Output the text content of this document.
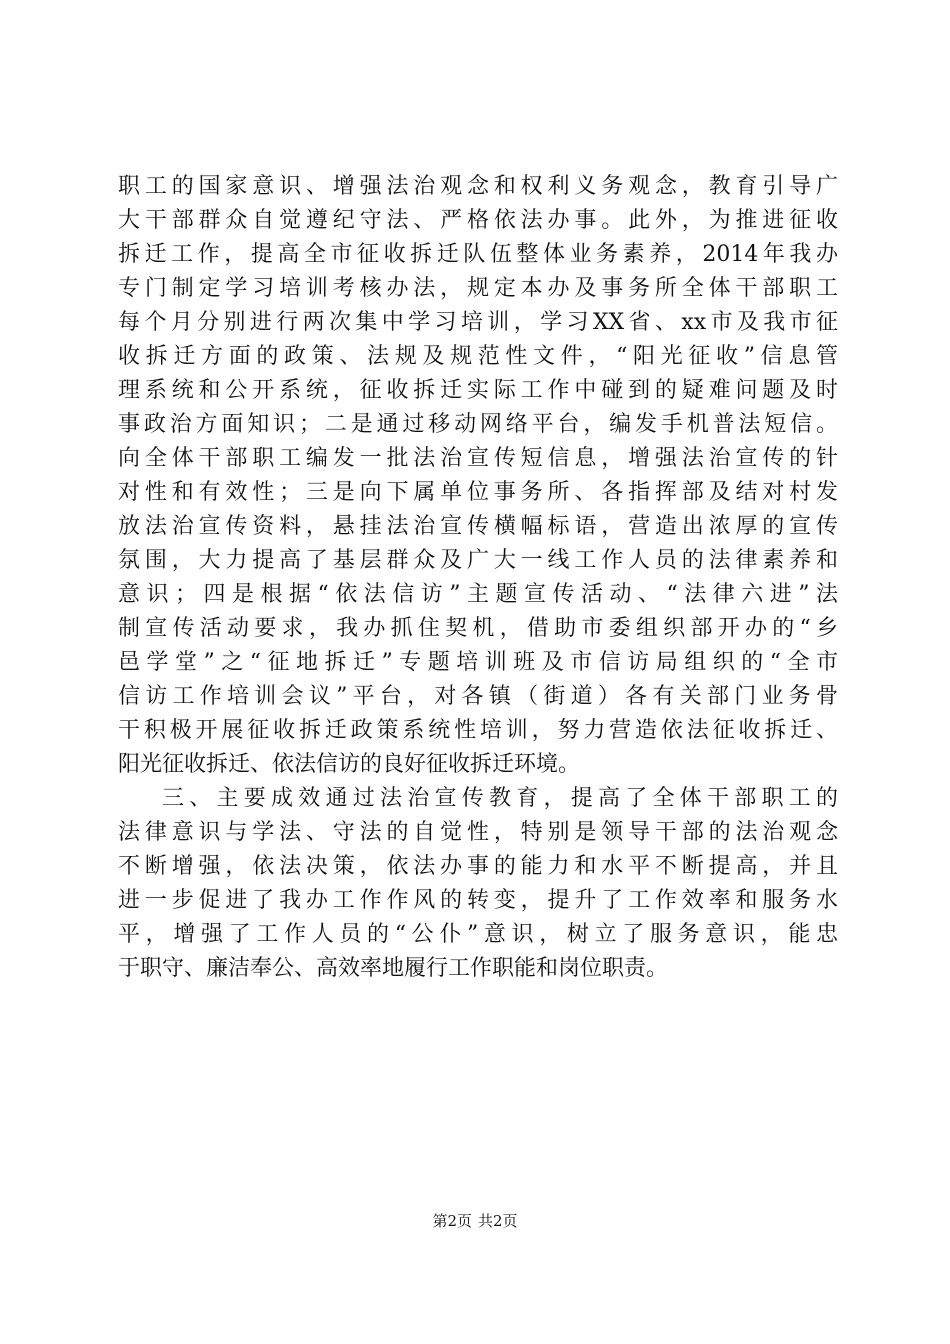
职工的国家意识、增强法治观念和权利义务观念，教育引导广
大干部群众自觉遵纪守法、严格依法办事。此外，为推进征收
拆迁工作，提高全市征收拆迁队伍整体业务素养，2014年我办
专门制定学习培训考核办法，规定本办及事务所全体干部职工
每个月分别进行两次集中学习培训，学习XX省、xx市及我市征
收拆迁方面的政策、法规及规范性文件，“阳光征收”信息管
理系统和公开系统，征收拆迁实际工作中碰到的疑难问题及时
事政治方面知识；二是通过移动网络平台，编发手机普法短信。
向全体干部职工编发一批法治宣传短信息，增强法治宣传的针
对性和有效性；三是向下属单位事务所、各指挥部及结对村发
放法治宣传资料，悬挂法治宣传横幅标语，营造出浓厚的宣传
氛围，大力提高了基层群众及广大一线工作人员的法律素养和
意识；四是根据“依法信访”主题宣传活动、“法律六进”法
制宣传活动要求，我办抓住契机，借助市委组织部开办的“乡
邑学堂”之“征地拆迁”专题培训班及市信访局组织的“全市
信访工作培训会议”平台，对各镇（街道）各有关部门业务骨
干积极开展征收拆迁政策系统性培训，努力营造依法征收拆迁、
阳光征收拆迁、依法信访的良好征收拆迁环境。
三、主要成效通过法治宣传教育，提高了全体干部职工的
法律意识与学法、守法的自觉性，特别是领导干部的法治观念
不断增强，依法决策，依法办事的能力和水平不断提高，并且
进一步促进了我办工作作风的转变，提升了工作效率和服务水
平，增强了工作人员的“公仆”意识，树立了服务意识，能忠
于职守、廉洁奉公、高效率地履行工作职能和岗位职责。
第2页 共2页
